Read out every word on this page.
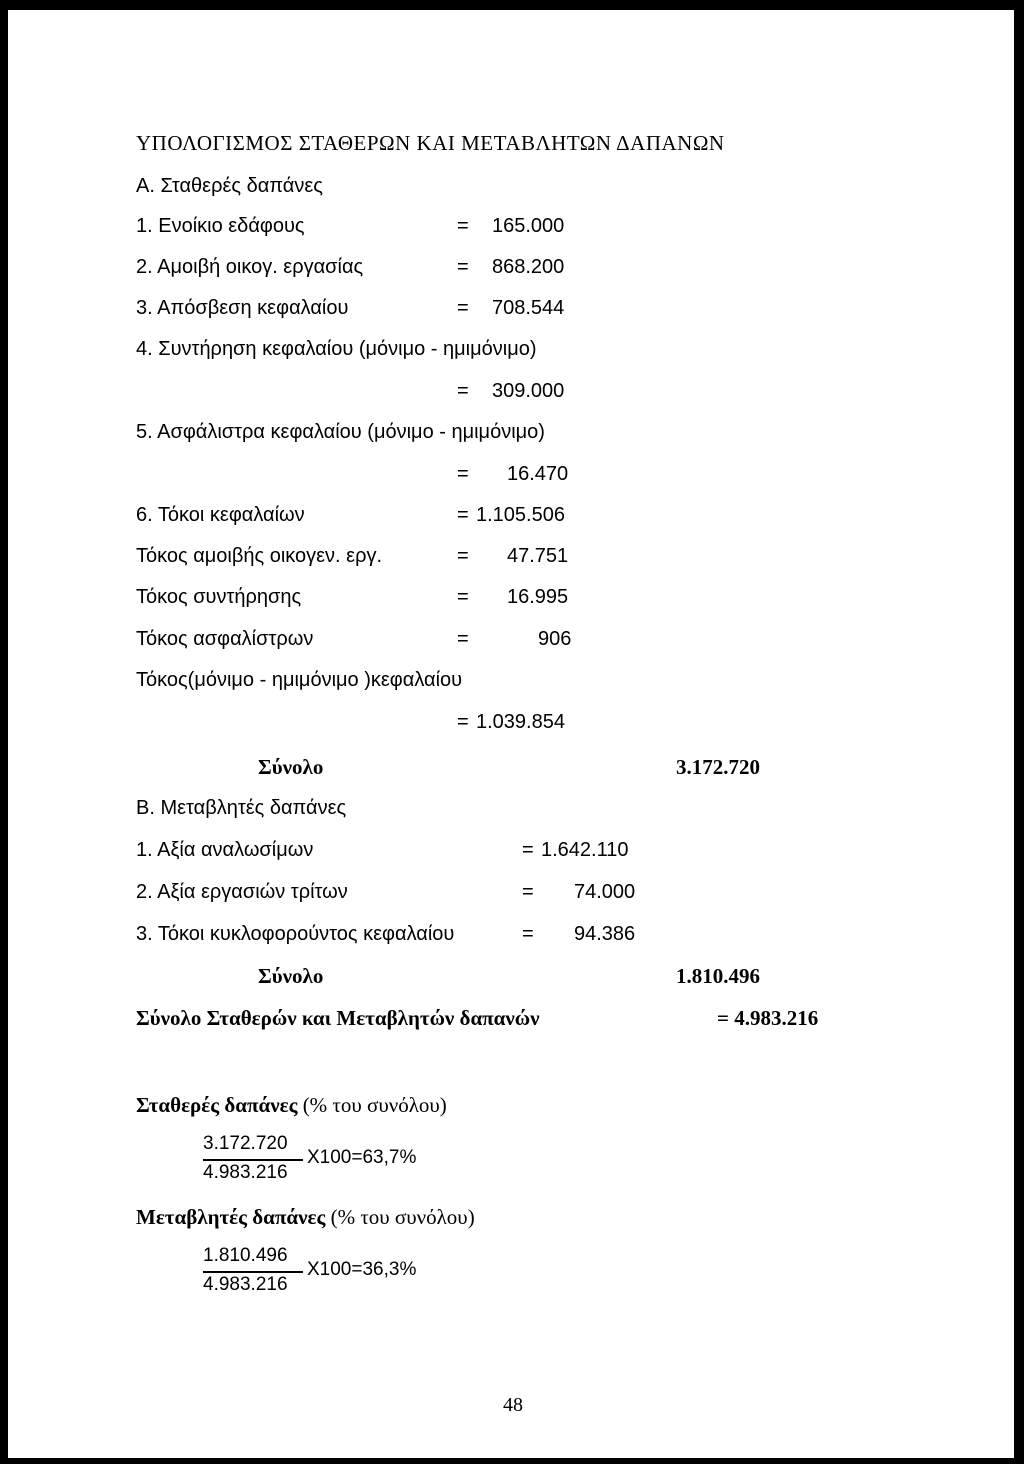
ΥΠΟΛΟΓΙΣΜΟΣ ΣΤΑΘΕΡΩΝ ΚΑΙ ΜΕΤΑΒΛΗΤΩΝ ΔΑΠΑΝΩΝ
Α. Σταθερές δαπάνες
1. Ενοίκιο εδάφους	= 165.000
2. Αμοιβή οικογ. εργασίας	= 868.200
3. Απόσβεση κεφαλαίου	= 708.544
4. Συντήρηση κεφαλαίου (μόνιμο - ημιμόνιμο)
= 309.000
5. Ασφάλιστρα κεφαλαίου (μόνιμο - ημιμόνιμο)
= 16.470
6. Τόκοι κεφαλαίων	= 1.105.506
Τόκος αμοιβής οικογεν. εργ.	= 47.751
Τόκος συντήρησης	= 16.995
Τόκος ασφαλίστρων	=	906
Τόκος(μόνιμο - ημιμόνιμο )κεφαλαίου
= 1.039.854
Σύνολο	3.172.720
Β. Μεταβλητές δαπάνες
1. Αξία αναλωσίμων	= 1.642.110
2. Αξία εργασιών τρίτων	= 74.000
3. Τόκοι κυκλοφορούντος κεφαλαίου	= 94.386
Σύνολο	1.810.496
Σύνολο Σταθερών και Μεταβλητών δαπανών	= 4.983.216
Σταθερές δαπάνες (% του συνόλου)
3.172.720
4.983.216
X100=63,7%
Μεταβλητές δαπάνες (% του συνόλου)
1.810.496
4.983.216
X100=36,3%
48
